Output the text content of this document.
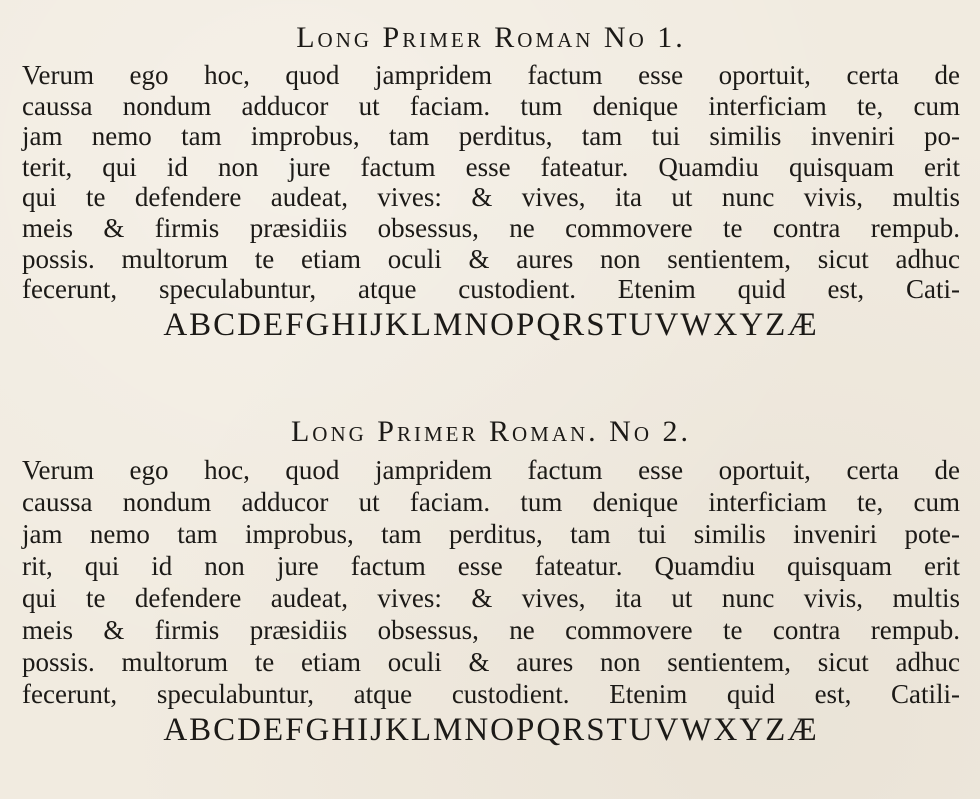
Long Primer Roman No 1.
Verum ego hoc, quod jampridem factum esse oportuit, certa de
caussa nondum adducor ut faciam. tum denique interficiam te, cum
jam nemo tam improbus, tam perditus, tam tui similis inveniri po-
terit, qui id non jure factum esse fateatur. Quamdiu quisquam erit
qui te defendere audeat, vives: & vives, ita ut nunc vivis, multis
meis & firmis præsidiis obsessus, ne commovere te contra rempub.
possis. multorum te etiam oculi & aures non sentientem, sicut adhuc
fecerunt, speculabuntur, atque custodient. Etenim quid est, Cati-
ABCDEFGHIJKLMNOPQRSTUVWXYZÆ
Long Primer Roman. No 2.
Verum ego hoc, quod jampridem factum esse oportuit, certa de
caussa nondum adducor ut faciam. tum denique interficiam te, cum
jam nemo tam improbus, tam perditus, tam tui similis inveniri pote-
rit, qui id non jure factum esse fateatur. Quamdiu quisquam erit
qui te defendere audeat, vives: & vives, ita ut nunc vivis, multis
meis & firmis præsidiis obsessus, ne commovere te contra rempub.
possis. multorum te etiam oculi & aures non sentientem, sicut adhuc
fecerunt, speculabuntur, atque custodient. Etenim quid est, Catili-
ABCDEFGHIJKLMNOPQRSTUVWXYZÆ
